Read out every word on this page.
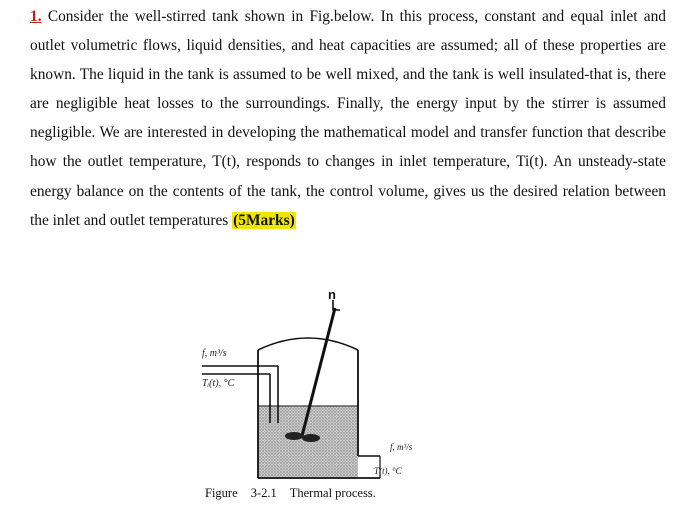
1. Consider the well-stirred tank shown in Fig.below. In this process, constant and equal inlet and outlet volumetric flows, liquid densities, and heat capacities are assumed; all of these properties are known. The liquid in the tank is assumed to be well mixed, and the tank is well insulated-that is, there are negligible heat losses to the surroundings. Finally, the energy input by the stirrer is assumed negligible. We are interested in developing the mathematical model and transfer function that describe how the outlet temperature, T(t), responds to changes in inlet temperature, Ti(t). An unsteady-state energy balance on the contents of the tank, the control volume, gives us the desired relation between the inlet and outlet temperatures (5Marks)
n
f, m³/s
Tᵢ(t), °C
f, m³/s
T(t), °C
Figure 3-2.1 Thermal process.
